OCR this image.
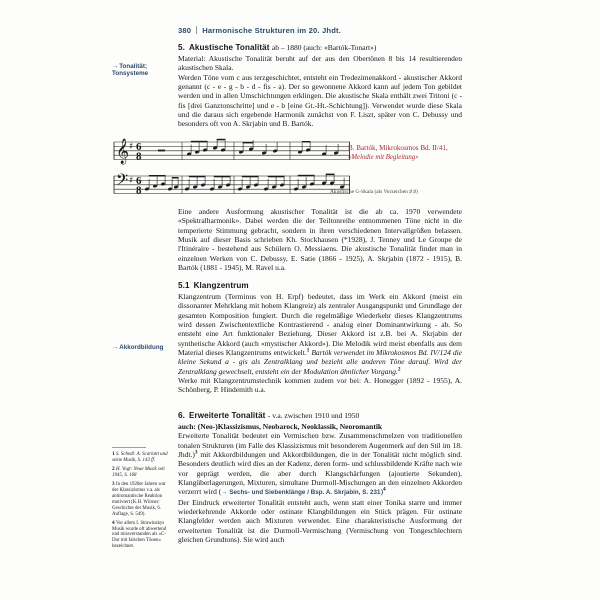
380 Harmonische Strukturen im 20. Jhdt.
→ Tonalität; Tonsysteme
5. Akustische Tonalität ab – 1880 (auch: «Bartók-Tonart»)

Material: Akustische Tonalität beruht auf der aus den Obertönen 8 bis 14 resultierenden akustischen Skala.

Werden Töne vom c aus terzgeschichtet, entsteht ein Tredezimenakkord - akustischer Akkord genannt (c - e - g - b - d - fis - a). Der so gewonnene Akkord kann auf jedem Ton gebildet werden und in allen Umschichtungen erklingen. Die akustische Skala enthält zwei Tritoni (c - fis [drei Ganztonschritte] und e - b [eine Gt.-Ht.-Schichtung]). Verwendet wurde diese Skala und die daraus sich ergebende Harmonik zunächst von F. Liszt, später von C. Debussy und besonders oft von A. Skrjabin und B. Bartók.

𝄞
𝄢
♯
♯
6
8
6
8
B. Bartók, Mikrokosmos Bd. II/41,
«Melodie mit Begleitung»
Akustische G-Skala (als Vorzeichen ♯ ♯)

Eine andere Ausformung akustischer Tonalität ist die ab ca. 1970 verwendete «Spektralharmonik». Dabei werden die der Teiltonreihe entnommenen Töne nicht in die temperierte Stimmung gebracht, sondern in ihren verschiedenen Intervallgrößen belassen. Musik auf dieser Basis schrieben Kh. Stockhausen (*1928), J. Tenney und Le Groupe de l'Itinéraire - bestehend aus Schülern O. Messiaens. Die akustische Tonalität findet man in einzelnen Werken von C. Debussy, E. Satie (1866 - 1925), A. Skrjabin (1872 - 1915), B. Bartók (1881 - 1945), M. Ravel u.a.

5.1 Klangzentrum

Klangzentrum (Terminus von H. Erpf) bedeutet, dass im Werk ein Akkord (meist ein dissonanter Mehrklang mit hohem Klangreiz) als zentraler Ausgangspunkt und Grundlage der gesamten Komposition fungiert. Durch die regelmäßige Wiederkehr dieses Klangzentrums wird dessen Zwischentextliche Kontrastierend - analog einer Dominantwirkung - ab. So entsteht eine Art funktionaler Beziehung. Dieser Akkord ist z.B. bei A. Skrjabin der synthetische Akkord (auch «mystischer Akkord»). Die Melodik wird meist ebenfalls aus dem Material dieses Klangzentrums entwickelt.$^1$ Bartók verwendet im Mikrokosmos Bd. IV/124 die kleine Sekund a - gis als Zentralklang und bezieht alle anderen Töne darauf. Wird der Zentralklang gewechselt, entsteht ein der Modulation ähnlicher Vorgang.$^2$

Werke mit Klangzentrumstechnik kommen zudem vor bei: A. Honegger (1892 - 1955), A. Schönberg, P. Hindemith u.a.

→ Akkordbildung
6. Erweiterte Tonalität - v.a. zwischen 1910 und 1950

auch: (Neo-)Klassizismus, Neobarock, Neoklassik, Neoromantik

Erweiterte Tonalität bedeutet ein Vermischen bzw. Zusammenschmelzen von traditionellen tonalen Strukturen (im Falle des Klassizismus mit besonderem Augenmerk auf den Stil im 18. Jhdt.)$^3$ mit Akkordbildungen und Akkordbildungen, die in der Tonalität nicht möglich sind. Besonders deutlich wird dies an der Kadenz, deren form- und schlussbildende Kräfte nach wie vor geprägt werden, die aber durch Klangschärfungen (ajoutierte Sekunden), Klangüberlagerungen, Mixturen, simultane Durmoll-Mischungen an den einzelnen Akkorden verzerrt wird (→ Sechs- und Siebenklänge / Bsp. A. Skrjabin, S. 231)$^4$

Der Eindruck erweiterter Tonalität entsteht auch, wenn statt einer Tonika starre und immer wiederkehrende Akkorde oder ostinate Klangbildungen ein Stück prägen. Für ostinate Klangfelder werden auch Mixturen verwendet. Eine charakteristische Ausformung der erweiterten Tonalität ist die Durmoll-Vermischung (Vermischung von Tongeschlechtern gleichen Grundtons). Sie wird auch

1S. Schedl: A. Scarlatti und seine Musik, S. 143 ff.
2H. Vogt: Neue Musik seit 1945, S. 168
3In den 1920er Jahren war der Klassizismus v.a. als antiromantische Reaktion motiviert (K.H. Wörner: Geschichte der Musik, 6. Auflage, S. 549).
4Vor allem I. Strawinskys Musik wurde oft abwertend und missverstanden als «C-Dur mit falschen Tönen» bezeichnet.
